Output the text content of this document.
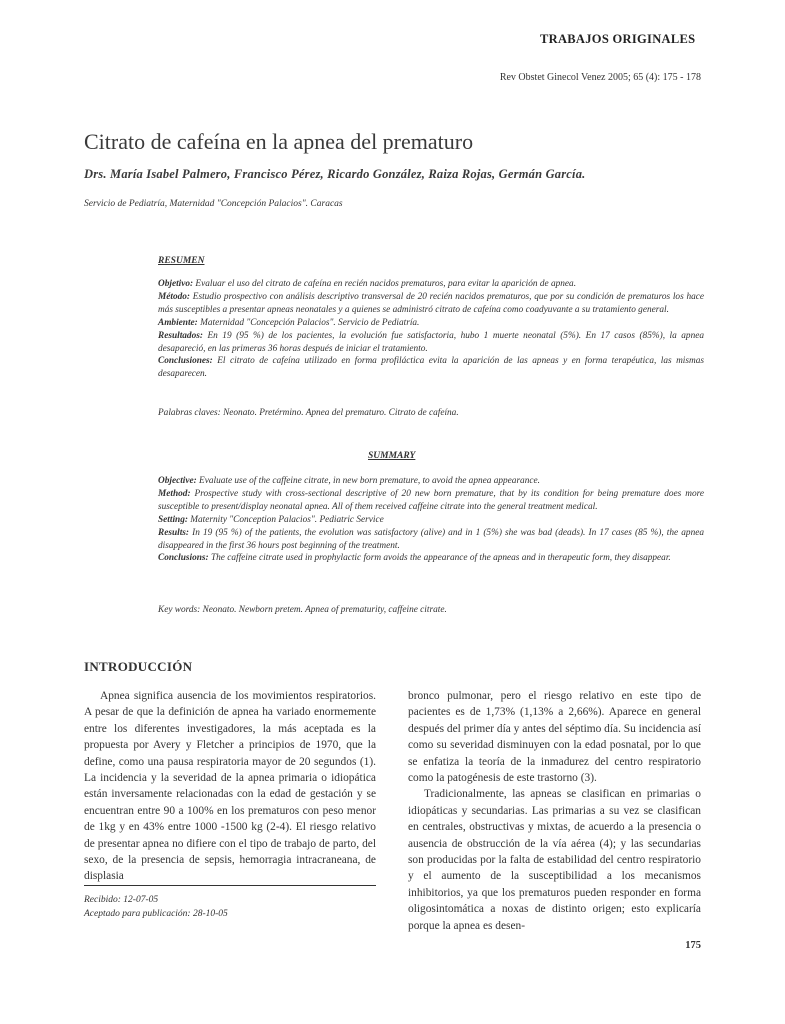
TRABAJOS ORIGINALES
Rev Obstet Ginecol Venez 2005; 65 (4): 175 - 178
Citrato de cafeína en la apnea del prematuro
Drs. María Isabel Palmero, Francisco Pérez, Ricardo González, Raiza Rojas, Germán García.
Servicio de Pediatría, Maternidad "Concepción Palacios". Caracas
RESUMEN

Objetivo: Evaluar el uso del citrato de cafeína en recién nacidos prematuros, para evitar la aparición de apnea.

Método: Estudio prospectivo con análisis descriptivo transversal de 20 recién nacidos prematuros, que por su condición de prematuros los hace más susceptibles a presentar apneas neonatales y a quienes se administró citrato de cafeína como coadyuvante a su tratamiento general.

Ambiente: Maternidad "Concepción Palacios". Servicio de Pediatría.

Resultados: En 19 (95 %) de los pacientes, la evolución fue satisfactoria, hubo 1 muerte neonatal (5%). En 17 casos (85%), la apnea desapareció, en las primeras 36 horas después de iniciar el tratamiento.

Conclusiones: El citrato de cafeína utilizado en forma profiláctica evita la aparición de las apneas y en forma terapéutica, las mismas desaparecen.

Palabras claves: Neonato. Pretérmino. Apnea del prematuro. Citrato de cafeína.

SUMMARY

Objective: Evaluate use of the caffeine citrate, in new born premature, to avoid the apnea appearance.

Method: Prospective study with cross-sectional descriptive of 20 new born premature, that by its condition for being premature does more susceptible to present/display neonatal apnea. All of them received caffeine citrate into the general treatment medical.

Setting: Maternity "Conception Palacios". Pediatric Service

Results: In 19 (95 %) of the patients, the evolution was satisfactory (alive) and in 1 (5%) she was bad (deads). In 17 cases (85 %), the apnea disappeared in the first 36 hours post beginning of the treatment.

Conclusions: The caffeine citrate used in prophylactic form avoids the appearance of the apneas and in therapeutic form, they disappear.

Key words: Neonato. Newborn pretem. Apnea of prematurity, caffeine citrate.

INTRODUCCIÓN

Apnea significa ausencia de los movimientos respiratorios. A pesar de que la definición de apnea ha variado enormemente entre los diferentes investigadores, la más aceptada es la propuesta por Avery y Fletcher a principios de 1970, que la define, como una pausa respiratoria mayor de 20 segundos (1). La incidencia y la severidad de la apnea primaria o idiopática están inversamente relacionadas con la edad de gestación y se encuentran entre 90 a 100% en los prematuros con peso menor de 1kg y en 43% entre 1000 -1500 kg (2-4). El riesgo relativo de presentar apnea no difiere con el tipo de trabajo de parto, del sexo, de la presencia de sepsis, hemorragia intracraneana, de displasia

bronco pulmonar, pero el riesgo relativo en este tipo de pacientes es de 1,73% (1,13% a 2,66%). Aparece en general después del primer día y antes del séptimo día. Su incidencia así como su severidad disminuyen con la edad posnatal, por lo que se enfatiza la teoría de la inmadurez del centro respiratorio como la patogénesis de este trastorno (3).

Tradicionalmente, las apneas se clasifican en primarias o idiopáticas y secundarias. Las primarias a su vez se clasifican en centrales, obstructivas y mixtas, de acuerdo a la presencia o ausencia de obstrucción de la vía aérea (4); y las secundarias son producidas por la falta de estabilidad del centro respiratorio y el aumento de la susceptibilidad a los mecanismos inhibitorios, ya que los prematuros pueden responder en forma oligosintomática a noxas de distinto origen; esto explicaría porque la apnea es desen-

Recibido: 12-07-05
Aceptado para publicación: 28-10-05
175
